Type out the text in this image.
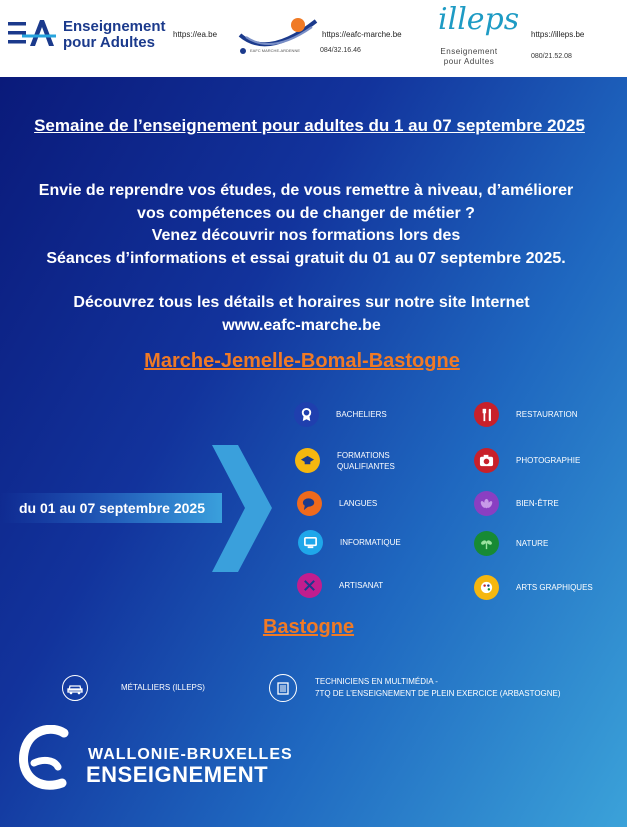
Enseignement
pour Adultes	https://ea.be
EAFC MARCHE-ARDENNE
https://eafc-marche.be
084/32.16.46
illeps
Enseignement
pour Adultes
https://illeps.be
080/21.52.08
Semaine de l’enseignement pour adultes du 1 au 07 septembre 2025
Envie de reprendre vos études, de vous remettre à niveau, d’améliorer
vos compétences ou de changer de métier ?
Venez découvrir nos formations lors des
Séances d’informations et essai gratuit du 01 au 07 septembre 2025.
Découvrez tous les détails et horaires sur notre site Internet
www.eafc-marche.be
Marche-Jemelle-Bomal-Bastogne
du 01 au 07 septembre 2025
BACHELIERS	RESTAURATION
FORMATIONS
QUALIFIANTES
PHOTOGRAPHIE
LANGUES	BIEN-ÊTRE
INFORMATIQUE	NATURE
ARTISANAT	ARTS GRAPHIQUES
Bastogne
MÉTALLIERS (ILLEPS)
TECHNICIENS EN MULTIMÉDIA -
7TQ DE L’ENSEIGNEMENT DE PLEIN EXERCICE (ARBASTOGNE)
WALLONIE-BRUXELLES
ENSEIGNEMENT
